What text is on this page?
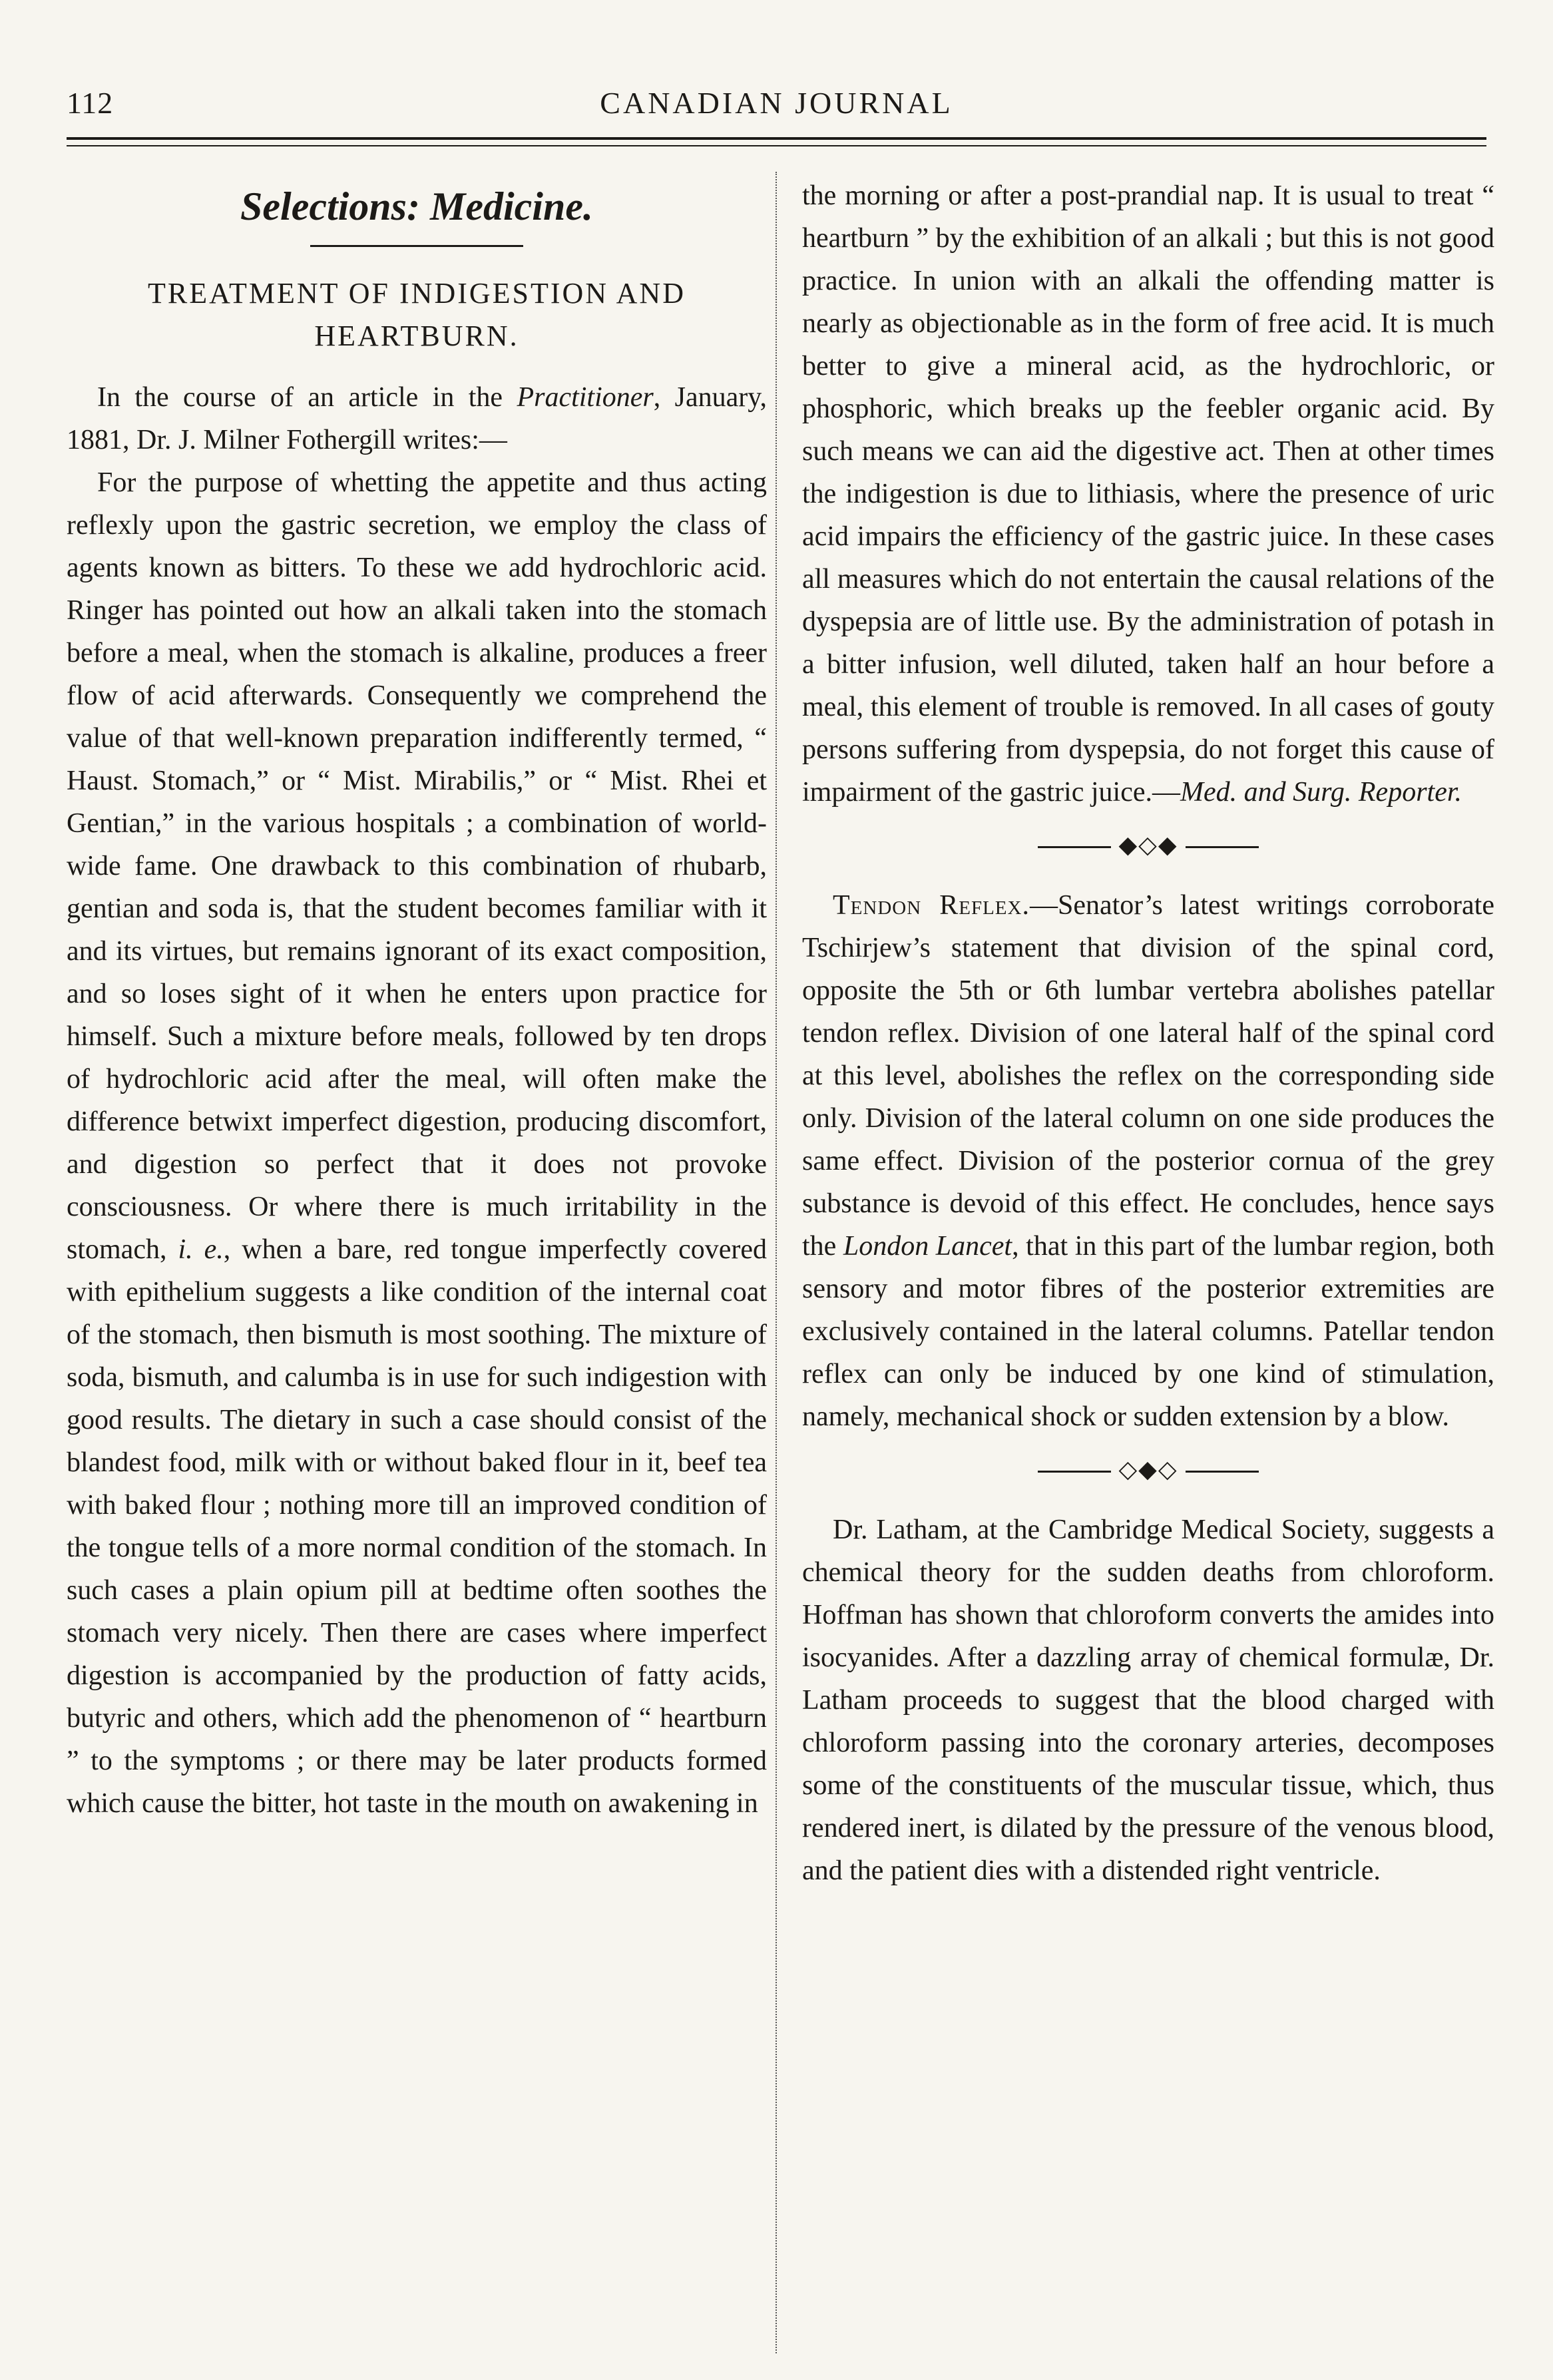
112	CANADIAN JOURNAL
Selections: Medicine.
TREATMENT OF INDIGESTION AND
HEARTBURN.

In the course of an article in the Practitioner, January, 1881, Dr. J. Milner Fothergill writes:—

For the purpose of whetting the appetite and thus acting reflexly upon the gastric secretion, we employ the class of agents known as bitters. To these we add hydrochloric acid. Ringer has pointed out how an alkali taken into the stomach before a meal, when the stomach is alkaline, produces a freer flow of acid afterwards. Consequently we comprehend the value of that well-known preparation indifferently termed, “ Haust. Stomach,” or “ Mist. Mirabilis,” or “ Mist. Rhei et Gentian,” in the various hospitals ; a combination of world-wide fame. One drawback to this combination of rhubarb, gentian and soda is, that the student becomes familiar with it and its virtues, but remains ignorant of its exact composition, and so loses sight of it when he enters upon practice for himself. Such a mixture before meals, followed by ten drops of hydrochloric acid after the meal, will often make the difference betwixt imperfect digestion, producing discomfort, and digestion so perfect that it does not provoke consciousness. Or where there is much irritability in the stomach, i. e., when a bare, red tongue imperfectly covered with epithelium suggests a like condition of the internal coat of the stomach, then bismuth is most soothing. The mixture of soda, bismuth, and calumba is in use for such indigestion with good results. The dietary in such a case should consist of the blandest food, milk with or without baked flour in it, beef tea with baked flour ; nothing more till an improved condition of the tongue tells of a more normal condition of the stomach. In such cases a plain opium pill at bedtime often soothes the stomach very nicely. Then there are cases where imperfect digestion is accompanied by the production of fatty acids, butyric and others, which add the phenomenon of “ heartburn ” to the symptoms ; or there may be later products formed which cause the bitter, hot taste in the mouth on awakening in

the morning or after a post-prandial nap. It is usual to treat “ heartburn ” by the exhibition of an alkali ; but this is not good practice. In union with an alkali the offending matter is nearly as objectionable as in the form of free acid. It is much better to give a mineral acid, as the hydrochloric, or phosphoric, which breaks up the feebler organic acid. By such means we can aid the digestive act. Then at other times the indigestion is due to lithiasis, where the presence of uric acid impairs the efficiency of the gastric juice. In these cases all measures which do not entertain the causal relations of the dyspepsia are of little use. By the administration of potash in a bitter infusion, well diluted, taken half an hour before a meal, this element of trouble is removed. In all cases of gouty persons suffering from dyspepsia, do not forget this cause of impairment of the gastric juice.—Med. and Surg. Reporter.

◆◇◆

Tendon Reflex.—Senator’s latest writings corroborate Tschirjew’s statement that division of the spinal cord, opposite the 5th or 6th lumbar vertebra abolishes patellar tendon reflex. Division of one lateral half of the spinal cord at this level, abolishes the reflex on the corresponding side only. Division of the lateral column on one side produces the same effect. Division of the posterior cornua of the grey substance is devoid of this effect. He concludes, hence says the London Lancet, that in this part of the lumbar region, both sensory and motor fibres of the posterior extremities are exclusively contained in the lateral columns. Patellar tendon reflex can only be induced by one kind of stimulation, namely, mechanical shock or sudden extension by a blow.

◇◆◇

Dr. Latham, at the Cambridge Medical Society, suggests a chemical theory for the sudden deaths from chloroform. Hoffman has shown that chloroform converts the amides into isocyanides. After a dazzling array of chemical formulæ, Dr. Latham proceeds to suggest that the blood charged with chloroform passing into the coronary arteries, decomposes some of the constituents of the muscular tissue, which, thus rendered inert, is dilated by the pressure of the venous blood, and the patient dies with a distended right ventricle.
